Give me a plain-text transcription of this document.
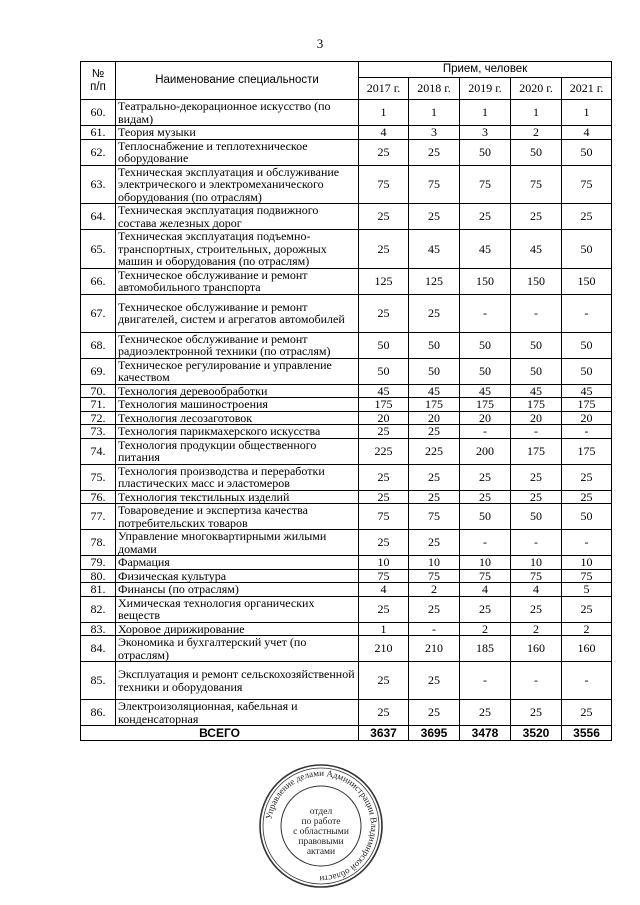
3
№
п/п	Наименование специальности	Прием, человек				
		2017 г.	2018 г.	2019 г.	2020 г.	2021 г.
60.	Театрально-декорационное искусство (по видам)	1	1	1	1	1
61.	Теория музыки	4	3	3	2	4
62.	Теплоснабжение и теплотехническое оборудование	25	25	50	50	50
63.	Техническая эксплуатация и обслуживание электрического и электромеханического оборудования (по отраслям)	75	75	75	75	75
64.	Техническая эксплуатация подвижного состава железных дорог	25	25	25	25	25
65.	Техническая эксплуатация подъемно-транспортных, строительных, дорожных машин и оборудования (по отраслям)	25	45	45	45	50
66.	Техническое обслуживание и ремонт автомобильного транспорта	125	125	150	150	150
67.	Техническое обслуживание и ремонт двигателей, систем и агрегатов автомобилей	25	25	-	-	-
68.	Техническое обслуживание и ремонт радиоэлектронной техники (по отраслям)	50	50	50	50	50
69.	Техническое регулирование и управление качеством	50	50	50	50	50
70.	Технология деревообработки	45	45	45	45	45
71.	Технология машиностроения	175	175	175	175	175
72.	Технология лесозаготовок	20	20	20	20	20
73.	Технология парикмахерского искусства	25	25	-	-	-
74.	Технология продукции общественного питания	225	225	200	175	175
75.	Технология производства и переработки пластических масс и эластомеров	25	25	25	25	25
76.	Технология текстильных изделий	25	25	25	25	25
77.	Товароведение и экспертиза качества потребительских товаров	75	75	50	50	50
78.	Управление многоквартирными жилыми домами	25	25	-	-	-
79.	Фармация	10	10	10	10	10
80.	Физическая культура	75	75	75	75	75
81.	Финансы (по отраслям)	4	2	4	4	5
82.	Химическая технология органических веществ	25	25	25	25	25
83.	Хоровое дирижирование	1	-	2	2	2
84.	Экономика и бухгалтерский учет (по отраслям)	210	210	185	160	160
85.	Эксплуатация и ремонт сельскохозяйственной техники и оборудования	25	25	-	-	-
86.	Электроизоляционная, кабельная и конденсаторная	25	25	25	25	25
ВСЕГО		3637	3695	3478	3520	3556
Управление делами Администрации Владимирской области
отдел
по работе
с областными
правовыми
актами
